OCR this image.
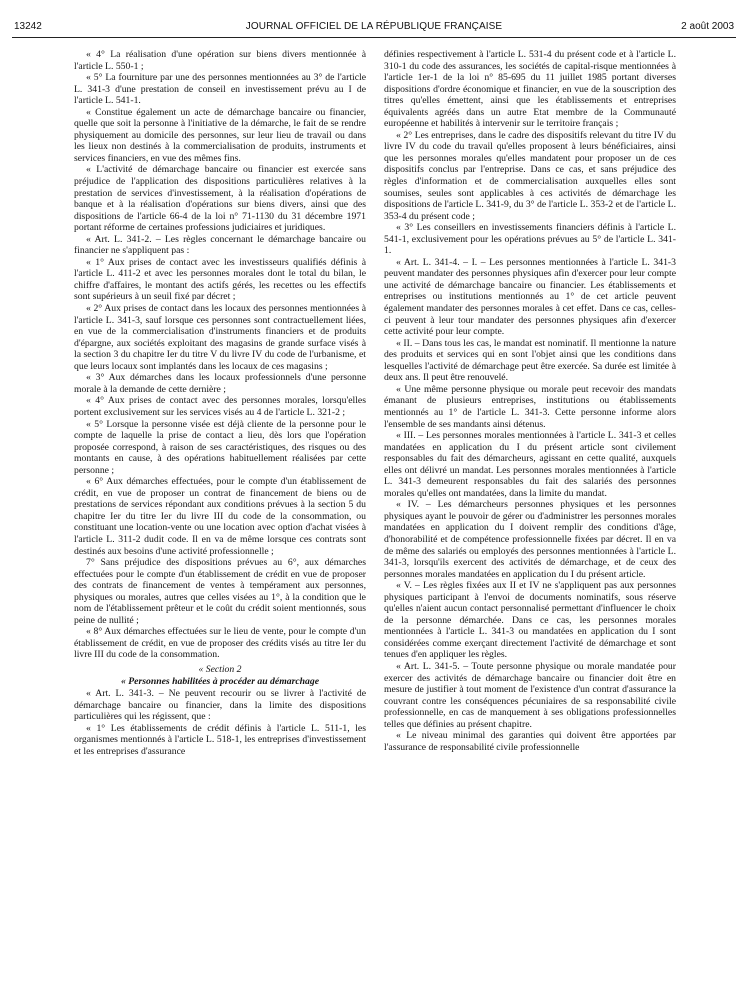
13242	JOURNAL OFFICIEL DE LA RÉPUBLIQUE FRANÇAISE	2 août 2003

« 4° La réalisation d'une opération sur biens divers mentionnée à l'article L. 550-1 ;

« 5° La fourniture par une des personnes mentionnées au 3° de l'article L. 341-3 d'une prestation de conseil en investissement prévu au I de l'article L. 541-1.

« Constitue également un acte de démarchage bancaire ou financier, quelle que soit la personne à l'initiative de la démarche, le fait de se rendre physiquement au domicile des personnes, sur leur lieu de travail ou dans les lieux non destinés à la commercialisation de produits, instruments et services financiers, en vue des mêmes fins.

« L'activité de démarchage bancaire ou financier est exercée sans préjudice de l'application des dispositions particulières relatives à la prestation de services d'investissement, à la réalisation d'opérations de banque et à la réalisation d'opérations sur biens divers, ainsi que des dispositions de l'article 66-4 de la loi n° 71-1130 du 31 décembre 1971 portant réforme de certaines professions judiciaires et juridiques.

« Art. L. 341-2. – Les règles concernant le démarchage bancaire ou financier ne s'appliquent pas :

« 1° Aux prises de contact avec les investisseurs qualifiés définis à l'article L. 411-2 et avec les personnes morales dont le total du bilan, le chiffre d'affaires, le montant des actifs gérés, les recettes ou les effectifs sont supérieurs à un seuil fixé par décret ;

« 2° Aux prises de contact dans les locaux des personnes mentionnées à l'article L. 341-3, sauf lorsque ces personnes sont contractuellement liées, en vue de la commercialisation d'instruments financiers et de produits d'épargne, aux sociétés exploitant des magasins de grande surface visés à la section 3 du chapitre Ier du titre V du livre IV du code de l'urbanisme, et que leurs locaux sont implantés dans les locaux de ces magasins ;

« 3° Aux démarches dans les locaux professionnels d'une personne morale à la demande de cette dernière ;

« 4° Aux prises de contact avec des personnes morales, lorsqu'elles portent exclusivement sur les services visés au 4 de l'article L. 321-2 ;

« 5° Lorsque la personne visée est déjà cliente de la personne pour le compte de laquelle la prise de contact a lieu, dès lors que l'opération proposée correspond, à raison de ses caractéristiques, des risques ou des montants en cause, à des opérations habituellement réalisées par cette personne ;

« 6° Aux démarches effectuées, pour le compte d'un établissement de crédit, en vue de proposer un contrat de financement de biens ou de prestations de services répondant aux conditions prévues à la section 5 du chapitre Ier du titre Ier du livre III du code de la consommation, ou constituant une location-vente ou une location avec option d'achat visées à l'article L. 311-2 dudit code. Il en va de même lorsque ces contrats sont destinés aux besoins d'une activité professionnelle ;

7° Sans préjudice des dispositions prévues au 6°, aux démarches effectuées pour le compte d'un établissement de crédit en vue de proposer des contrats de financement de ventes à tempérament aux personnes, physiques ou morales, autres que celles visées au 1°, à la condition que le nom de l'établissement prêteur et le coût du crédit soient mentionnés, sous peine de nullité ;

« 8° Aux démarches effectuées sur le lieu de vente, pour le compte d'un établissement de crédit, en vue de proposer des crédits visés au titre Ier du livre III du code de la consommation.

« Section 2

« Personnes habilitées à procéder au démarchage

« Art. L. 341-3. – Ne peuvent recourir ou se livrer à l'activité de démarchage bancaire ou financier, dans la limite des dispositions particulières qui les régissent, que :

« 1° Les établissements de crédit définis à l'article L. 511-1, les organismes mentionnés à l'article L. 518-1, les entreprises d'investissement et les entreprises d'assurance

définies respectivement à l'article L. 531-4 du présent code et à l'article L. 310-1 du code des assurances, les sociétés de capital-risque mentionnées à l'article 1er-1 de la loi n° 85-695 du 11 juillet 1985 portant diverses dispositions d'ordre économique et financier, en vue de la souscription des titres qu'elles émettent, ainsi que les établissements et entreprises équivalents agréés dans un autre Etat membre de la Communauté européenne et habilités à intervenir sur le territoire français ;

« 2° Les entreprises, dans le cadre des dispositifs relevant du titre IV du livre IV du code du travail qu'elles proposent à leurs bénéficiaires, ainsi que les personnes morales qu'elles mandatent pour proposer un de ces dispositifs conclus par l'entreprise. Dans ce cas, et sans préjudice des règles d'information et de commercialisation auxquelles elles sont soumises, seules sont applicables à ces activités de démarchage les dispositions de l'article L. 341-9, du 3° de l'article L. 353-2 et de l'article L. 353-4 du présent code ;

« 3° Les conseillers en investissements financiers définis à l'article L. 541-1, exclusivement pour les opérations prévues au 5° de l'article L. 341-1.

« Art. L. 341-4. – I. – Les personnes mentionnées à l'article L. 341-3 peuvent mandater des personnes physiques afin d'exercer pour leur compte une activité de démarchage bancaire ou financier. Les établissements et entreprises ou institutions mentionnés au 1° de cet article peuvent également mandater des personnes morales à cet effet. Dans ce cas, celles-ci peuvent à leur tour mandater des personnes physiques afin d'exercer cette activité pour leur compte.

« II. – Dans tous les cas, le mandat est nominatif. Il mentionne la nature des produits et services qui en sont l'objet ainsi que les conditions dans lesquelles l'activité de démarchage peut être exercée. Sa durée est limitée à deux ans. Il peut être renouvelé.

« Une même personne physique ou morale peut recevoir des mandats émanant de plusieurs entreprises, institutions ou établissements mentionnés au 1° de l'article L. 341-3. Cette personne informe alors l'ensemble de ses mandants ainsi détenus.

« III. – Les personnes morales mentionnées à l'article L. 341-3 et celles mandatées en application du I du présent article sont civilement responsables du fait des démarcheurs, agissant en cette qualité, auxquels elles ont délivré un mandat. Les personnes morales mentionnées à l'article L. 341-3 demeurent responsables du fait des salariés des personnes morales qu'elles ont mandatées, dans la limite du mandat.

« IV. – Les démarcheurs personnes physiques et les personnes physiques ayant le pouvoir de gérer ou d'administrer les personnes morales mandatées en application du I doivent remplir des conditions d'âge, d'honorabilité et de compétence professionnelle fixées par décret. Il en va de même des salariés ou employés des personnes mentionnées à l'article L. 341-3, lorsqu'ils exercent des activités de démarchage, et de ceux des personnes morales mandatées en application du I du présent article.

« V. – Les règles fixées aux II et IV ne s'appliquent pas aux personnes physiques participant à l'envoi de documents nominatifs, sous réserve qu'elles n'aient aucun contact personnalisé permettant d'influencer le choix de la personne démarchée. Dans ce cas, les personnes morales mentionnées à l'article L. 341-3 ou mandatées en application du I sont considérées comme exerçant directement l'activité de démarchage et sont tenues d'en appliquer les règles.

« Art. L. 341-5. – Toute personne physique ou morale mandatée pour exercer des activités de démarchage bancaire ou financier doit être en mesure de justifier à tout moment de l'existence d'un contrat d'assurance la couvrant contre les conséquences pécuniaires de sa responsabilité civile professionnelle, en cas de manquement à ses obligations professionnelles telles que définies au présent chapitre.

« Le niveau minimal des garanties qui doivent être apportées par l'assurance de responsabilité civile professionnelle
